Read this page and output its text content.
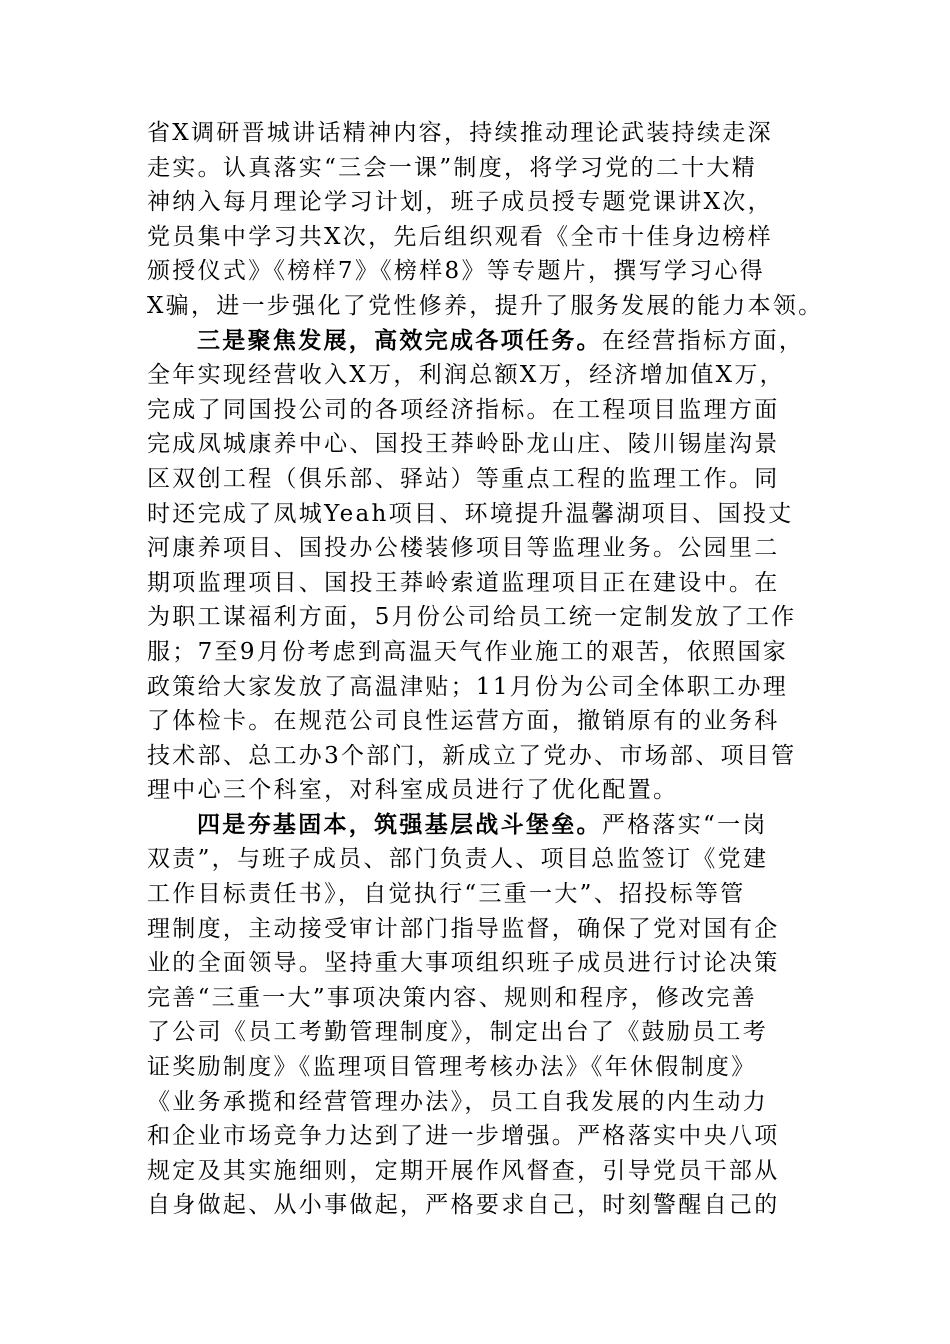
省X调研晋城讲话精神内容，持续推动理论武装持续走深
走实。认真落实“三会一课”制度，将学习党的二十大精
神纳入每月理论学习计划，班子成员授专题党课讲X次，
党员集中学习共X次，先后组织观看《全市十佳身边榜样
颁授仪式》《榜样7》《榜样8》等专题片，撰写学习心得
X骗，进一步强化了党性修养，提升了服务发展的能力本领。
三是聚焦发展，高效完成各项任务。在经营指标方面，
全年实现经营收入X万，利润总额X万，经济增加值X万，
完成了同国投公司的各项经济指标。在工程项目监理方面
完成凤城康养中心、国投王莽岭卧龙山庄、陵川锡崖沟景
区双创工程（俱乐部、驿站）等重点工程的监理工作。同
时还完成了凤城Yeah项目、环境提升温馨湖项目、国投丈
河康养项目、国投办公楼装修项目等监理业务。公园里二
期项监理项目、国投王莽岭索道监理项目正在建设中。在
为职工谋福利方面，5月份公司给员工统一定制发放了工作
服；7至9月份考虑到高温天气作业施工的艰苦，依照国家
政策给大家发放了高温津贴；11月份为公司全体职工办理
了体检卡。在规范公司良性运营方面，撤销原有的业务科
技术部、总工办3个部门，新成立了党办、市场部、项目管
理中心三个科室，对科室成员进行了优化配置。
四是夯基固本，筑强基层战斗堡垒。严格落实“一岗
双责”，与班子成员、部门负责人、项目总监签订《党建
工作目标责任书》，自觉执行“三重一大”、招投标等管
理制度，主动接受审计部门指导监督，确保了党对国有企
业的全面领导。坚持重大事项组织班子成员进行讨论决策
完善“三重一大”事项决策内容、规则和程序，修改完善
了公司《员工考勤管理制度》，制定出台了《鼓励员工考
证奖励制度》《监理项目管理考核办法》《年休假制度》
《业务承揽和经营管理办法》，员工自我发展的内生动力
和企业市场竞争力达到了进一步增强。严格落实中央八项
规定及其实施细则，定期开展作风督查，引导党员干部从
自身做起、从小事做起，严格要求自己，时刻警醒自己的
